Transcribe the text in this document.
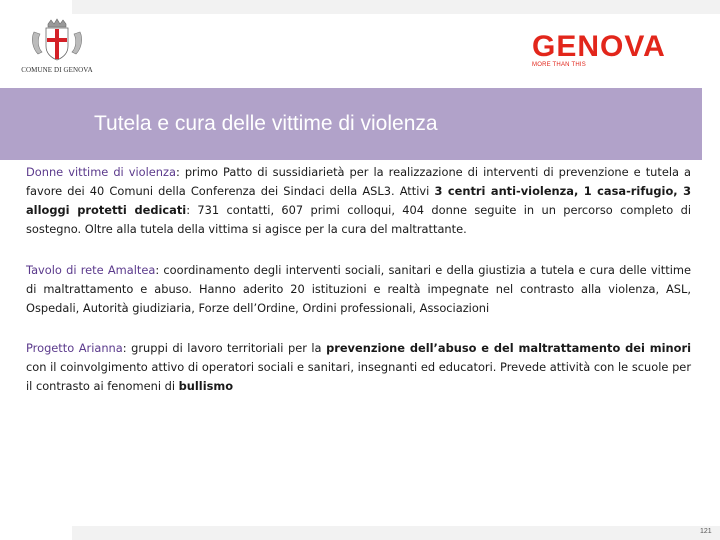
COMUNE DI GENOVA
GENOVA
MORE THAN THIS
Tutela e cura delle vittime di violenza
Donne vittime di violenza: primo Patto di sussidiarietà per la realizzazione di interventi di prevenzione e tutela a favore dei 40 Comuni della Conferenza dei Sindaci della ASL3. Attivi 3 centri anti-violenza, 1 casa-rifugio, 3 alloggi protetti dedicati: 731 contatti, 607 primi colloqui, 404 donne seguite in un percorso completo di sostegno. Oltre alla tutela della vittima si agisce per la cura del maltrattante.
Tavolo di rete Amaltea: coordinamento degli interventi sociali, sanitari e della giustizia a tutela e cura delle vittime di maltrattamento e abuso. Hanno aderito 20 istituzioni e realtà impegnate nel contrasto alla violenza, ASL, Ospedali, Autorità giudiziaria, Forze dell’Ordine, Ordini professionali, Associazioni
Progetto Arianna: gruppi di lavoro territoriali per la prevenzione dell’abuso e del maltrattamento dei minori con il coinvolgimento attivo di operatori sociali e sanitari, insegnanti ed educatori. Prevede attività con le scuole per il contrasto ai fenomeni di bullismo
121
